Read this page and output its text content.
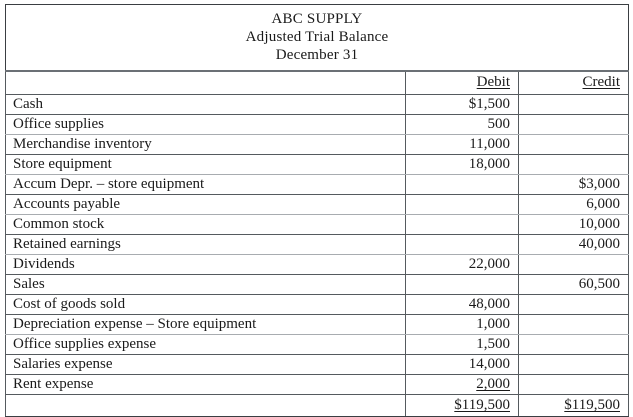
ABC SUPPLY
Adjusted Trial Balance
December 31		

	Debit	Credit
Cash	$1,500	
Office supplies	500	
Merchandise inventory	11,000	
Store equipment	18,000	
Accum Depr. – store equipment		$3,000
Accounts payable		6,000
Common stock		10,000
Retained earnings		40,000
Dividends	22,000	
Sales		60,500
Cost of goods sold	48,000	
Depreciation expense – Store equipment	1,000	
Office supplies expense	1,500	
Salaries expense	14,000	
Rent expense	2,000	
	$119,500	$119,500
